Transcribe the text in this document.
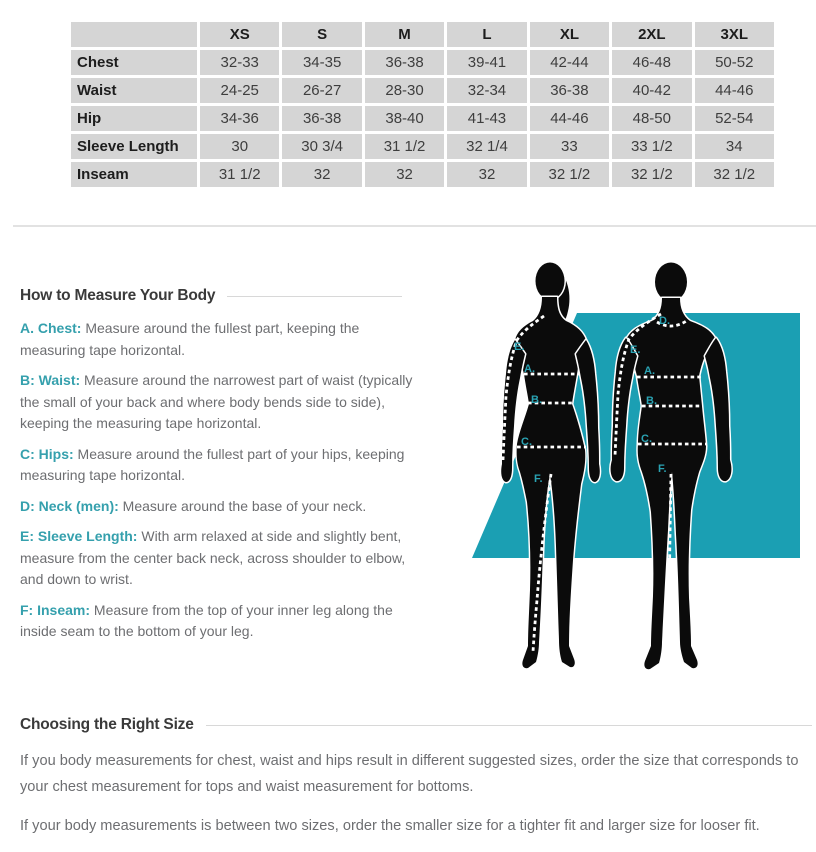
	XS	S	M	L	XL	2XL	3XL
Chest	32-33	34-35	36-38	39-41	42-44	46-48	50-52
Waist	24-25	26-27	28-30	32-34	36-38	40-42	44-46
Hip	34-36	36-38	38-40	41-43	44-46	48-50	52-54
Sleeve Length	30	30 3/4	31 1/2	32 1/4	33	33 1/2	34
Inseam	31 1/2	32	32	32	32 1/2	32 1/2	32 1/2
How to Measure Your Body

A. Chest: Measure around the fullest part, keeping the measuring tape horizontal.

B: Waist: Measure around the narrowest part of waist (typically the small of your back and where body bends side to side), keeping the measuring tape horizontal.

C: Hips: Measure around the fullest part of your hips, keeping measuring tape horizontal.

D: Neck (men): Measure around the base of your neck.

E: Sleeve Length: With arm relaxed at side and slightly bent, measure from the center back neck, across shoulder to elbow, and down to wrist.

F: Inseam: Measure from the top of your inner leg along the inside seam to the bottom of your leg.

E.
A.
B.
C.
F.
D.
E.
A.
B.
C.
F.
Choosing the Right Size

If you body measurements for chest, waist and hips result in different suggested sizes, order the size that corresponds to your chest measurement for tops and waist measurement for bottoms.

If your body measurements is between two sizes, order the smaller size for a tighter fit and larger size for looser fit.
